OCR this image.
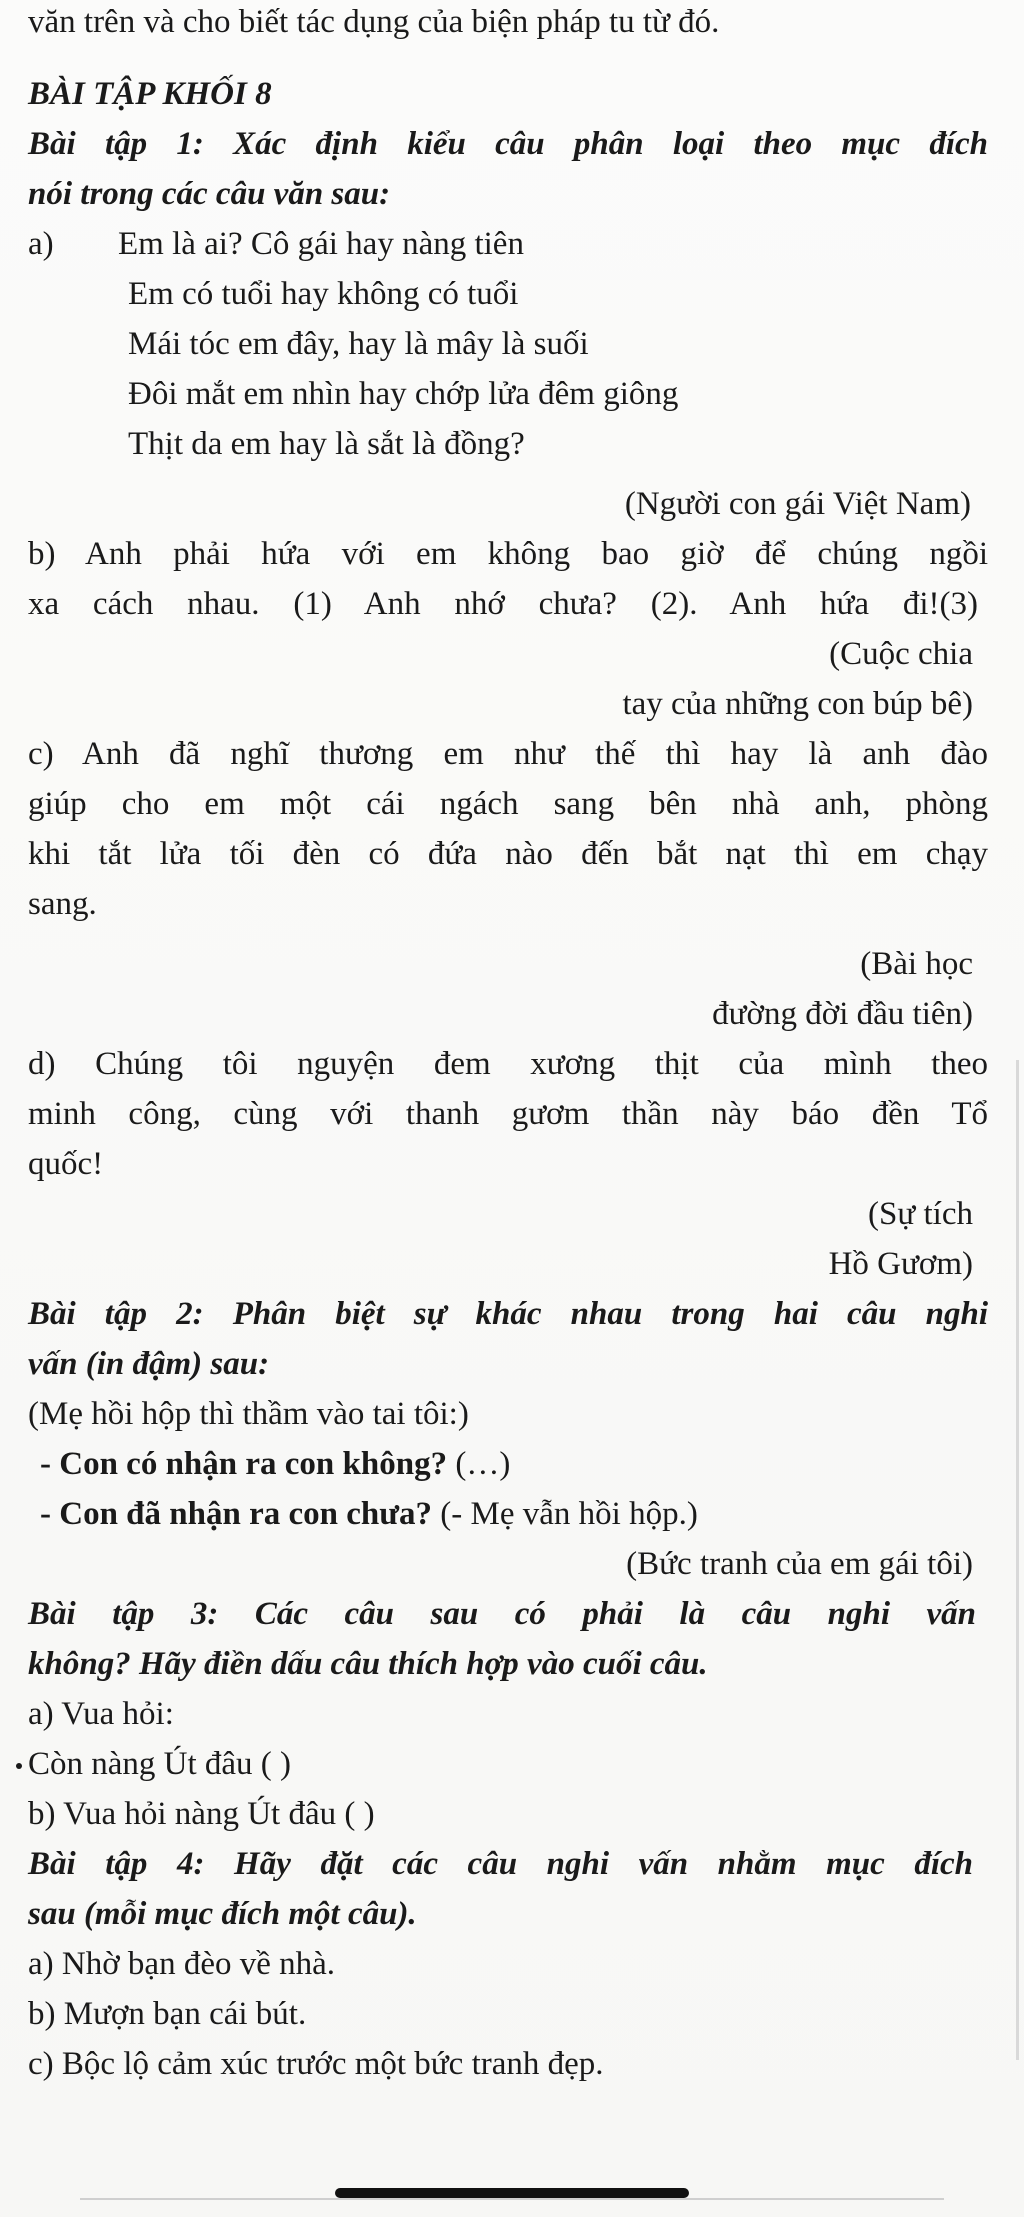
văn trên và cho biết tác dụng của biện pháp tu từ đó.
BÀI TẬP KHỐI 8
Bài tập 1: Xác định kiểu câu phân loại theo mục đích
nói trong các câu văn sau:
a) Em là ai? Cô gái hay nàng tiên
Em có tuổi hay không có tuổi
Mái tóc em đây, hay là mây là suối
Đôi mắt em nhìn hay chớp lửa đêm giông
Thịt da em hay là sắt là đồng?
(Người con gái Việt Nam)
b) Anh phải hứa với em không bao giờ để chúng ngồi
xa cách nhau. (1) Anh nhớ chưa? (2). Anh hứa đi!(3)
(Cuộc chia
tay của những con búp bê)
c) Anh đã nghĩ thương em như thế thì hay là anh đào
giúp cho em một cái ngách sang bên nhà anh, phòng
khi tắt lửa tối đèn có đứa nào đến bắt nạt thì em chạy
sang.
(Bài học
đường đời đầu tiên)
d) Chúng tôi nguyện đem xương thịt của mình theo
minh công, cùng với thanh gươm thần này báo đền Tổ
quốc!
(Sự tích
Hồ Gươm)
Bài tập 2: Phân biệt sự khác nhau trong hai câu nghi
vấn (in đậm) sau:
(Mẹ hồi hộp thì thầm vào tai tôi:)
- Con có nhận ra con không? (…)
- Con đã nhận ra con chưa? (- Mẹ vẫn hồi hộp.)
(Bức tranh của em gái tôi)
Bài tập 3: Các câu sau có phải là câu nghi vấn
không? Hãy điền dấu câu thích hợp vào cuối câu.
a) Vua hỏi:
Còn nàng Út đâu ( )
b) Vua hỏi nàng Út đâu ( )
Bài tập 4: Hãy đặt các câu nghi vấn nhằm mục đích
sau (mỗi mục đích một câu).
a) Nhờ bạn đèo về nhà.
b) Mượn bạn cái bút.
c) Bộc lộ cảm xúc trước một bức tranh đẹp.
